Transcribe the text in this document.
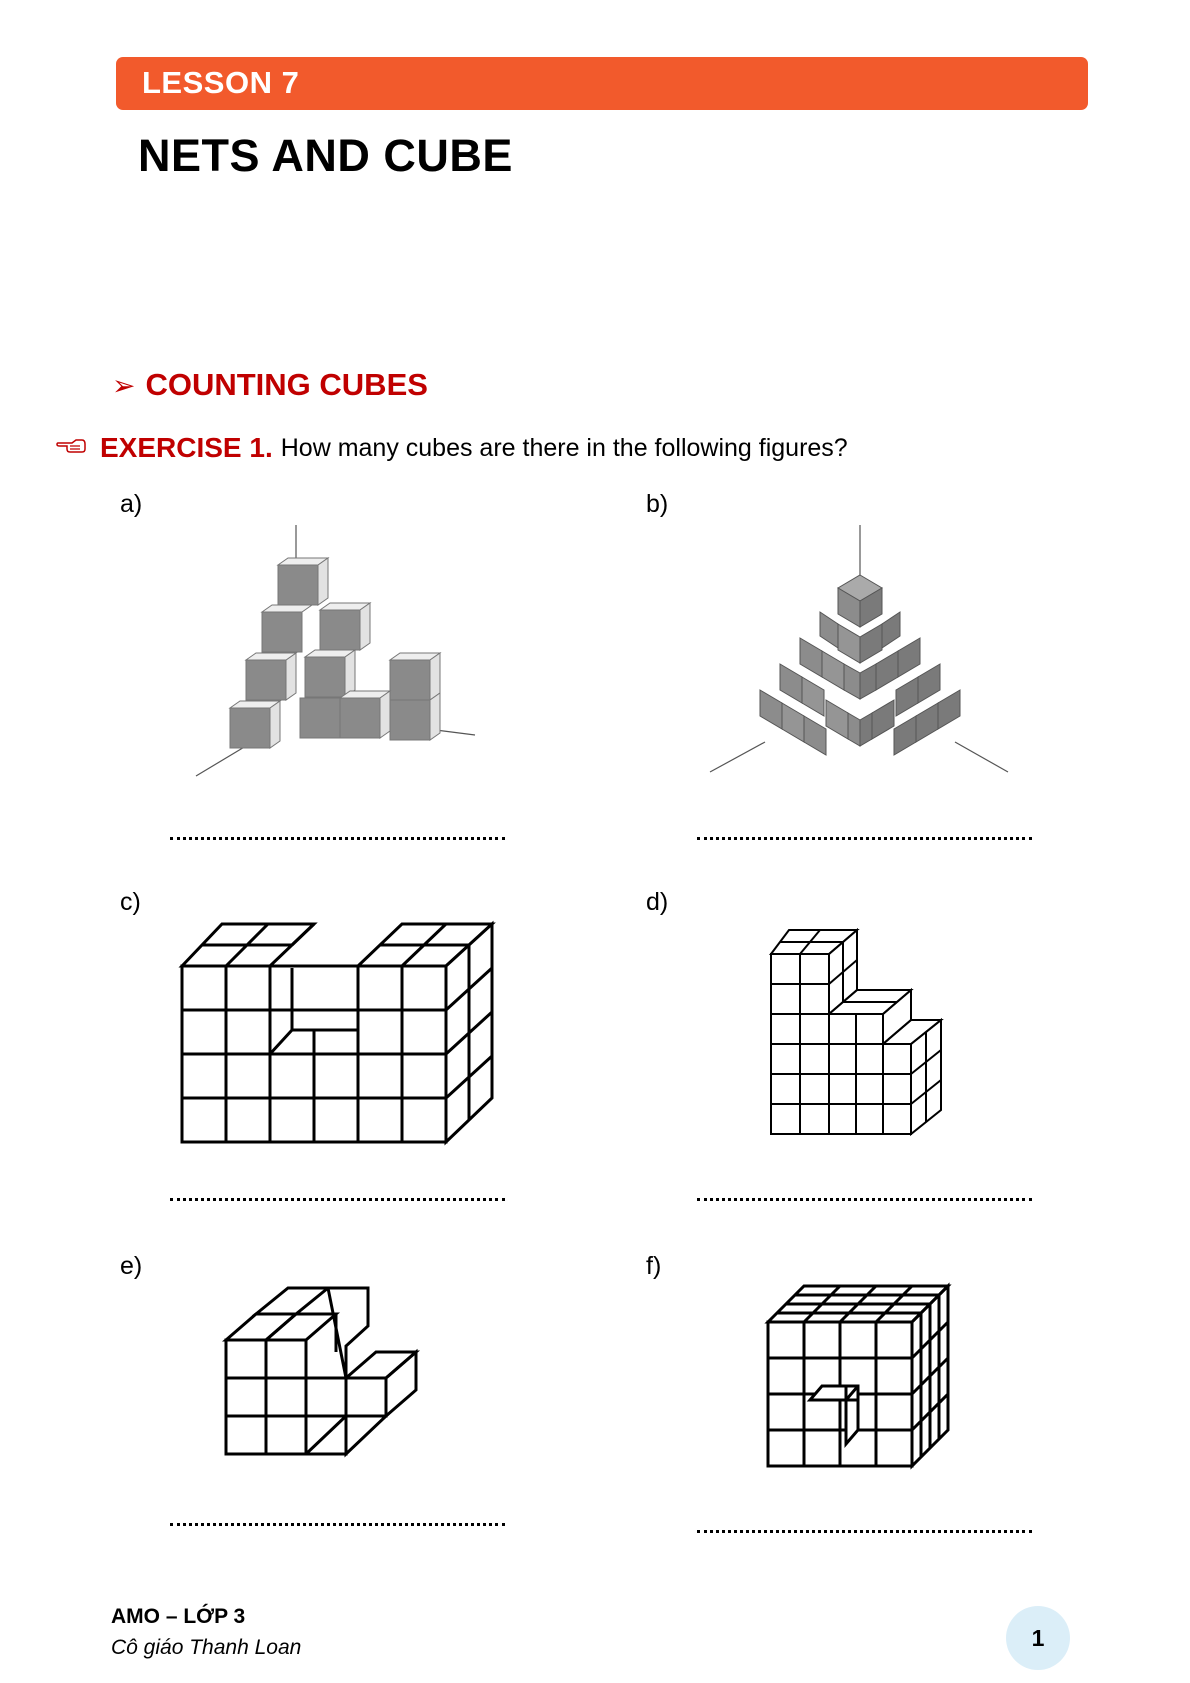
LESSON 7
NETS AND CUBE
➢ COUNTING CUBES
EXERCISE 1. How many cubes are there in the following figures?
a)	b)
c)	d)
e)	f)
AMO – LỚP 3
Cô giáo Thanh Loan	1
